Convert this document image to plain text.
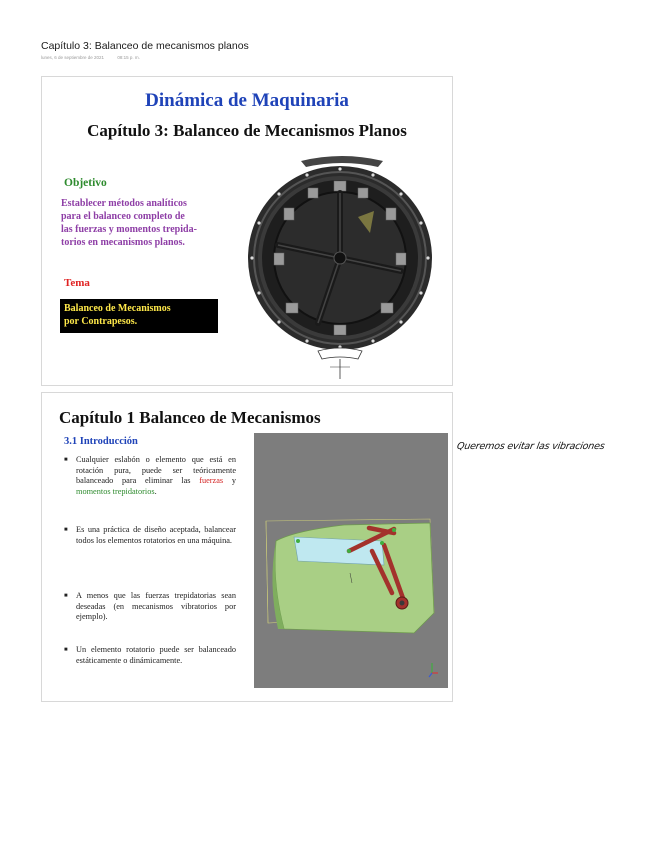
Capítulo 3: Balanceo de mecanismos planos
lunes, 6 de septiembre de 2021	08:15 p. m.
Dinámica de Maquinaria
Capítulo 3: Balanceo de Mecanismos Planos
Objetivo
Establecer métodos analíticos
para el balanceo completo de
las fuerzas y momentos trepida-
torios en mecanismos planos.
Tema
Balanceo de Mecanismos
por Contrapesos.
Capítulo 1 Balanceo de Mecanismos
3.1 Introducción
■ Cualquier eslabón o elemento que está en rotación pura, puede ser teóricamente balanceado para eliminar las fuerzas y momentos trepidatorios.
■ Es una práctica de diseño aceptada, balancear todos los elementos rotatorios en una máquina.
■ A menos que las fuerzas trepidatorias sean deseadas (en mecanismos vibratorios por ejemplo).
■ Un elemento rotatorio puede ser balanceado estáticamente o dinámicamente.
Queremos evitar las vibraciones
